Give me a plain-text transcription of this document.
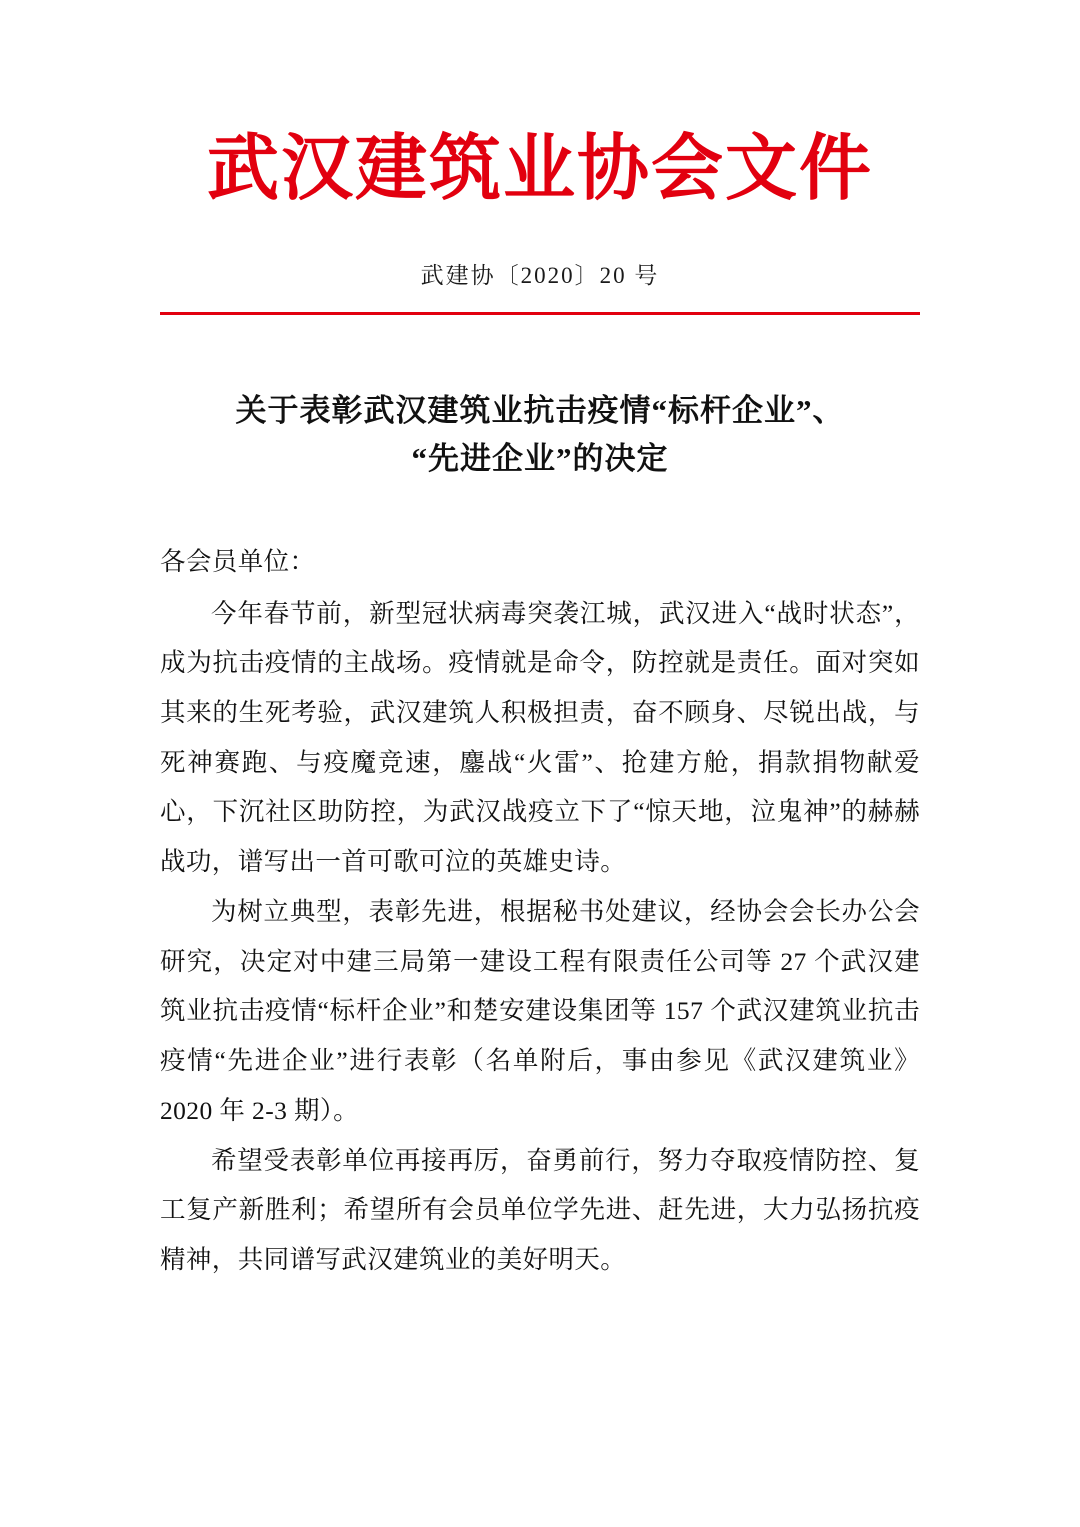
武汉建筑业协会文件
武建协〔2020〕20 号
关于表彰武汉建筑业抗击疫情“标杆企业”、
“先进企业”的决定

各会员单位：

今年春节前，新型冠状病毒突袭江城，武汉进入“战时状态”，成为抗击疫情的主战场。疫情就是命令，防控就是责任。面对突如其来的生死考验，武汉建筑人积极担责，奋不顾身、尽锐出战，与死神赛跑、与疫魔竞速，鏖战“火雷”、抢建方舱，捐款捐物献爱心，下沉社区助防控，为武汉战疫立下了“惊天地，泣鬼神”的赫赫战功，谱写出一首可歌可泣的英雄史诗。

为树立典型，表彰先进，根据秘书处建议，经协会会长办公会研究，决定对中建三局第一建设工程有限责任公司等 27 个武汉建筑业抗击疫情“标杆企业”和楚安建设集团等 157 个武汉建筑业抗击疫情“先进企业”进行表彰（名单附后，事由参见《武汉建筑业》2020 年 2-3 期）。

希望受表彰单位再接再厉，奋勇前行，努力夺取疫情防控、复工复产新胜利；希望所有会员单位学先进、赶先进，大力弘扬抗疫精神，共同谱写武汉建筑业的美好明天。
